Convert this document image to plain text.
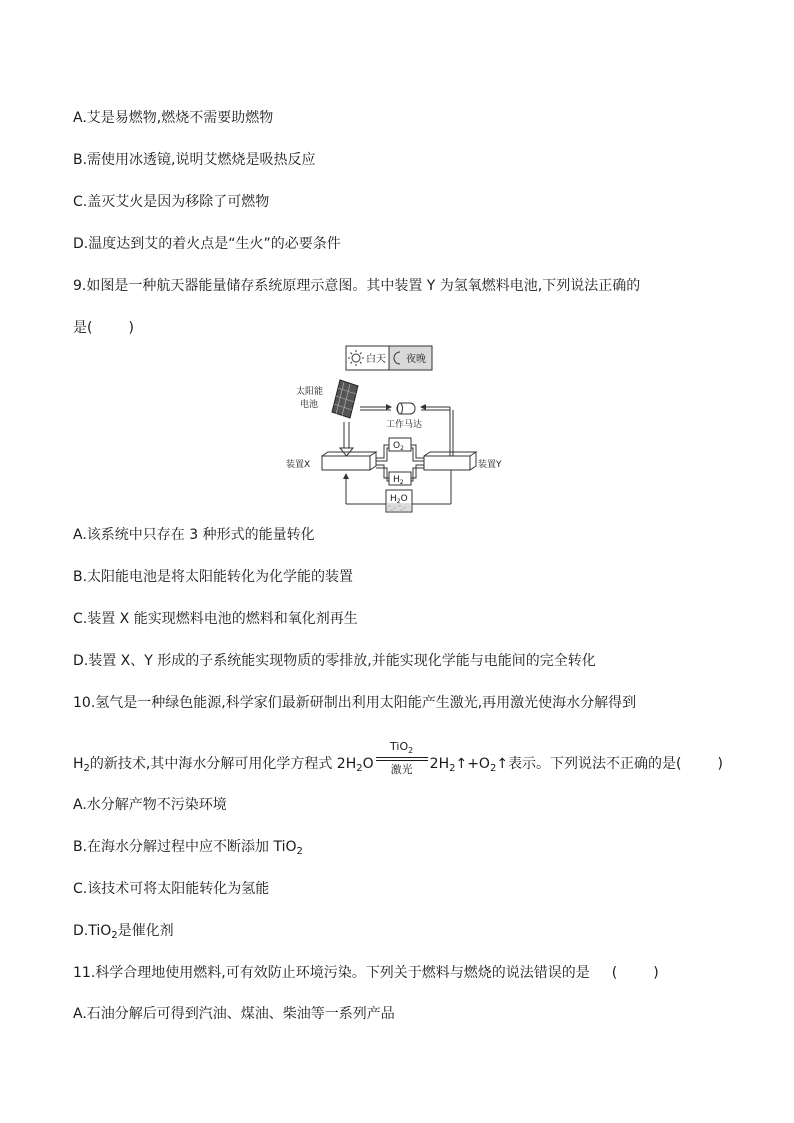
A.艾是易燃物,燃烧不需要助燃物
B.需使用冰透镜,说明艾燃烧是吸热反应
C.盖灭艾火是因为移除了可燃物
D.温度达到艾的着火点是“生火”的必要条件
9.如图是一种航天器能量储存系统原理示意图。其中装置 Y 为氢氧燃料电池,下列说法正确的
是(	)
白天 夜晚
太阳能
电池
工作马达
装置X	装置Y
$O_2$
$H_2$
$H_2O$
A.该系统中只存在 3 种形式的能量转化
B.太阳能电池是将太阳能转化为化学能的装置
C.装置 X 能实现燃料电池的燃料和氧化剂再生
D.装置 X、Y 形成的子系统能实现物质的零排放,并能实现化学能与电能间的完全转化
10.氢气是一种绿色能源,科学家们最新研制出利用太阳能产生激光,再用激光使海水分解得到
$H_2$的新技术,其中海水分解可用化学方程式 $2H_2O$
TiO$_2$
激光	$2H_2↑+O_2↑$表示。下列说法不正确的是(	)
A.水分解产物不污染环境
B.在海水分解过程中应不断添加 TiO$_2$
C.该技术可将太阳能转化为氢能
D.TiO$_2$是催化剂
11.科学合理地使用燃料,可有效防止环境污染。下列关于燃料与燃烧的说法错误的是 (	)
A.石油分解后可得到汽油、煤油、柴油等一系列产品
